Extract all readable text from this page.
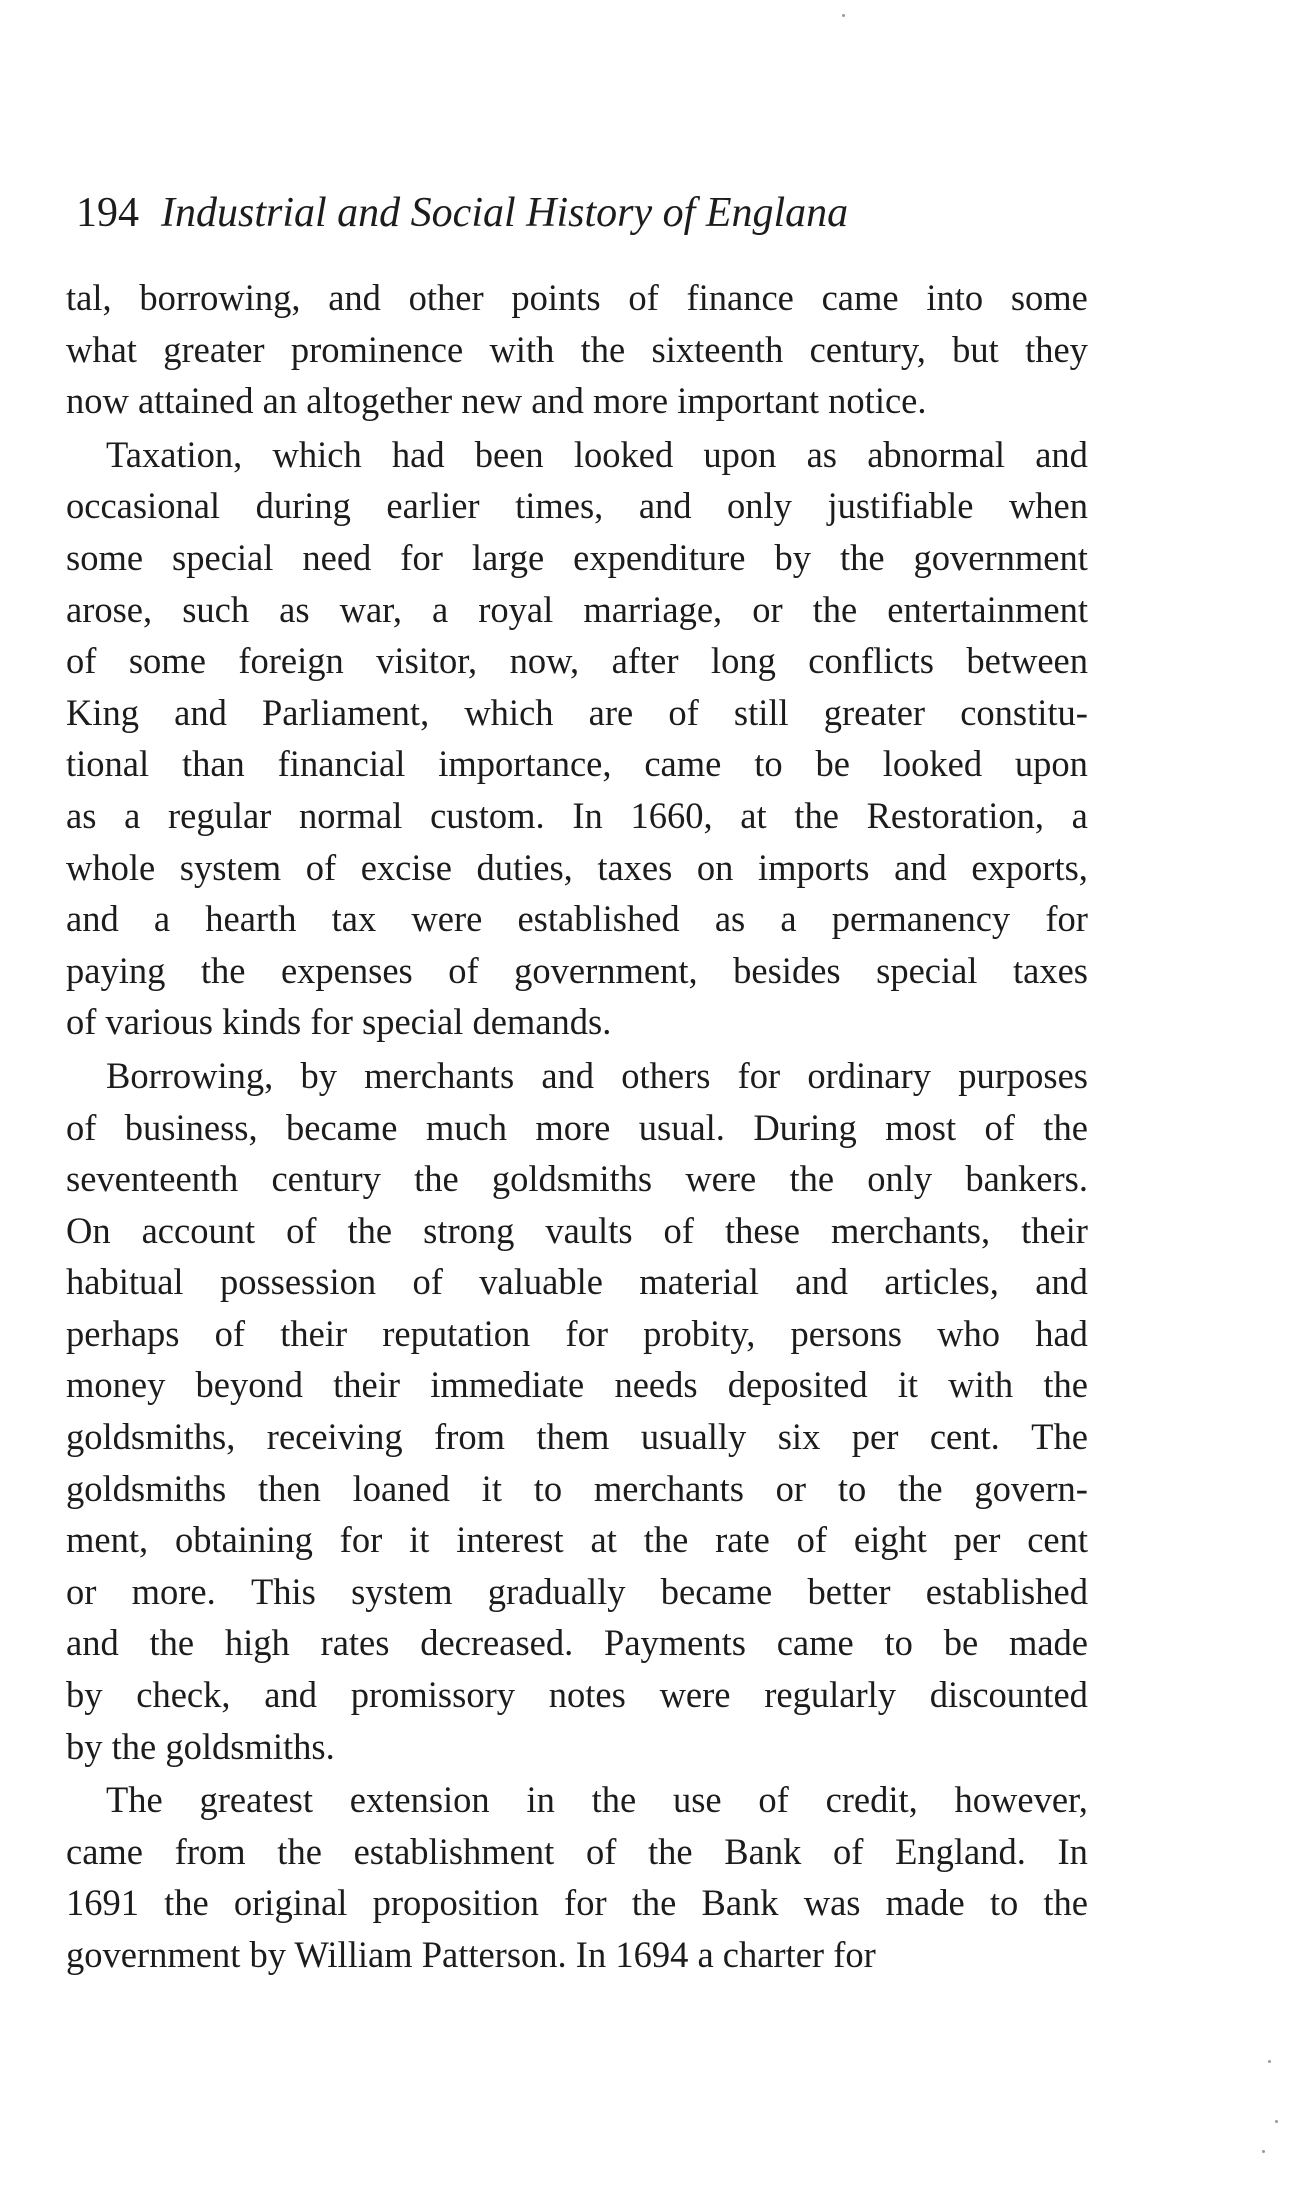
194 Industrial and Social History of Englana
tal, borrowing, and other points of finance came into some
what greater prominence with the sixteenth century, but they
now attained an altogether new and more important notice.
Taxation, which had been looked upon as abnormal and
occasional during earlier times, and only justifiable when
some special need for large expenditure by the government
arose, such as war, a royal marriage, or the entertainment
of some foreign visitor, now, after long conflicts between
King and Parliament, which are of still greater constitu-
tional than financial importance, came to be looked upon
as a regular normal custom. In 1660, at the Restoration, a
whole system of excise duties, taxes on imports and exports,
and a hearth tax were established as a permanency for
paying the expenses of government, besides special taxes
of various kinds for special demands.
Borrowing, by merchants and others for ordinary purposes
of business, became much more usual. During most of the
seventeenth century the goldsmiths were the only bankers.
On account of the strong vaults of these merchants, their
habitual possession of valuable material and articles, and
perhaps of their reputation for probity, persons who had
money beyond their immediate needs deposited it with the
goldsmiths, receiving from them usually six per cent. The
goldsmiths then loaned it to merchants or to the govern-
ment, obtaining for it interest at the rate of eight per cent
or more. This system gradually became better established
and the high rates decreased. Payments came to be made
by check, and promissory notes were regularly discounted
by the goldsmiths.
The greatest extension in the use of credit, however,
came from the establishment of the Bank of England. In
1691 the original proposition for the Bank was made to the
government by William Patterson. In 1694 a charter for
